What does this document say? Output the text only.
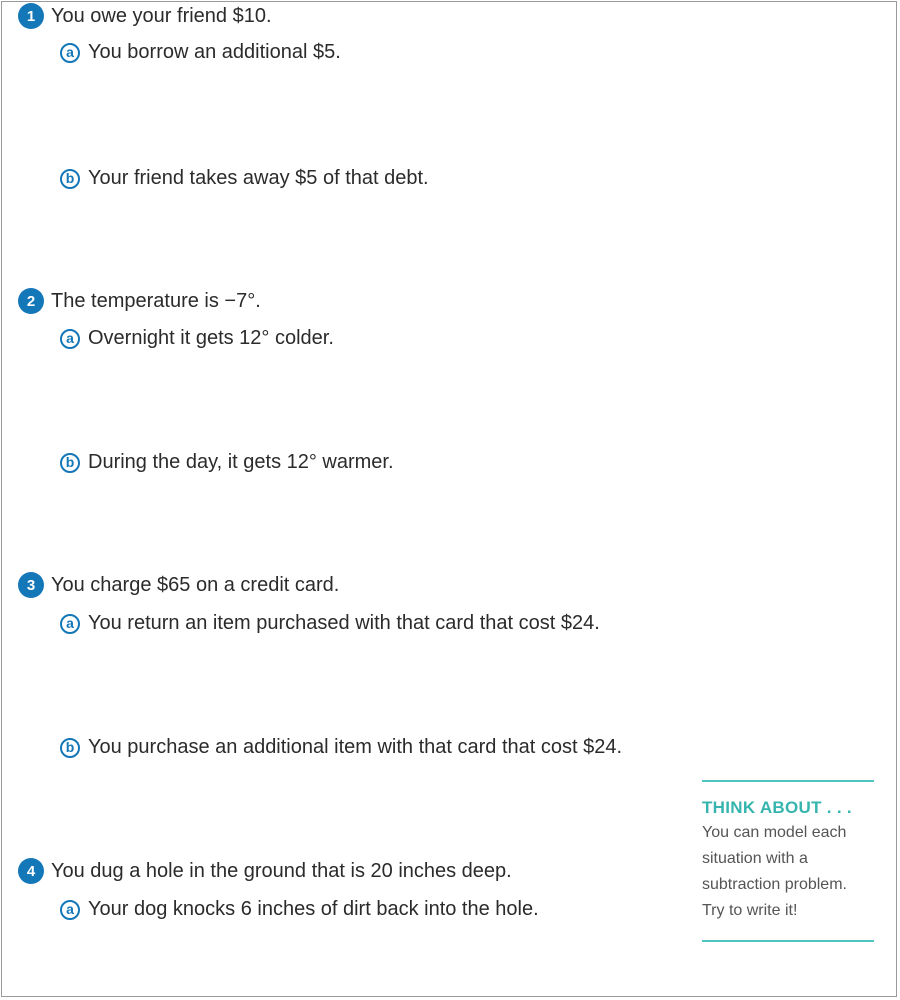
1 You owe your friend $10.
a You borrow an additional $5.
b Your friend takes away $5 of that debt.
2 The temperature is −7°.
a Overnight it gets 12° colder.
b During the day, it gets 12° warmer.
3 You charge $65 on a credit card.
a You return an item purchased with that card that cost $24.
b You purchase an additional item with that card that cost $24.
4 You dug a hole in the ground that is 20 inches deep.
a Your dog knocks 6 inches of dirt back into the hole.
THINK ABOUT . . .
You can model each
situation with a
subtraction problem.
Try to write it!
